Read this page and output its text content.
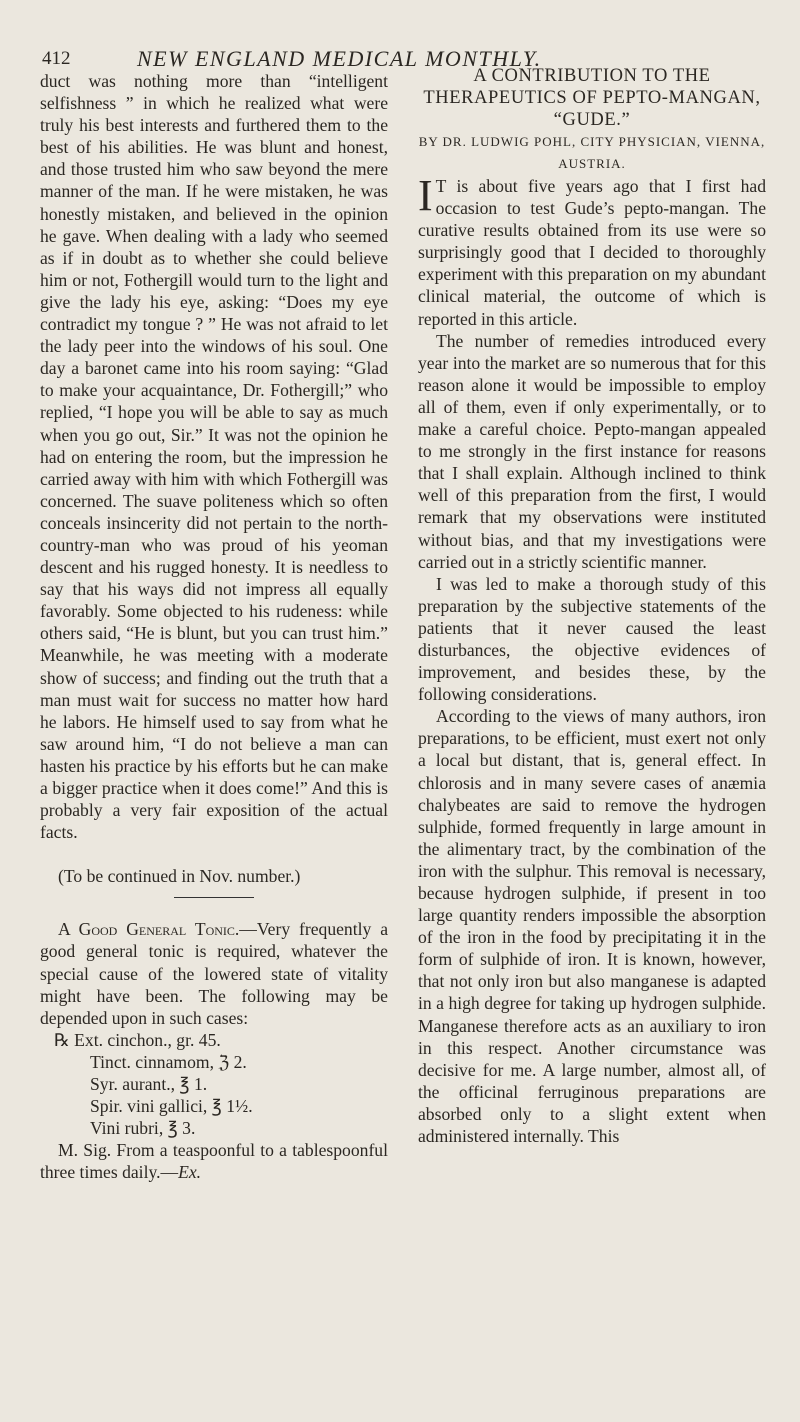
412	NEW ENGLAND MEDICAL MONTHLY.

duct was nothing more than “intelligent selfishness ” in which he realized what were truly his best interests and furthered them to the best of his abilities. He was blunt and honest, and those trusted him who saw beyond the mere manner of the man. If he were mistaken, he was honestly mistaken, and believed in the opinion he gave. When dealing with a lady who seemed as if in doubt as to whether she could believe him or not, Fothergill would turn to the light and give the lady his eye, asking: “Does my eye contradict my tongue ? ” He was not afraid to let the lady peer into the windows of his soul. One day a baronet came into his room saying: “Glad to make your acquaintance, Dr. Fothergill;” who replied, “I hope you will be able to say as much when you go out, Sir.” It was not the opinion he had on entering the room, but the impression he carried away with him with which Fothergill was concerned. The suave politeness which so often conceals insincerity did not pertain to the north-country-man who was proud of his yeoman descent and his rugged honesty. It is needless to say that his ways did not impress all equally favorably. Some objected to his rudeness: while others said, “He is blunt, but you can trust him.” Meanwhile, he was meeting with a moderate show of success; and finding out the truth that a man must wait for success no matter how hard he labors. He himself used to say from what he saw around him, “I do not believe a man can hasten his practice by his efforts but he can make a bigger practice when it does come!” And this is probably a very fair exposition of the actual facts.

(To be continued in Nov. number.)

A Good General Tonic.—Very frequently a good general tonic is required, whatever the special cause of the lowered state of vitality might have been. The following may be depended upon in such cases:

℞ Ext. cinchon., gr. 45.
Tinct. cinnamom, ℨ 2.
Syr. aurant., ℥ 1.
Spir. vini gallici, ℥ 1½.
Vini rubri, ℥ 3.

M. Sig. From a teaspoonful to a tablespoonful three times daily.—Ex.

A CONTRIBUTION TO THE THERAPEUTICS OF PEPTO-MANGAN, “GUDE.”

BY DR. LUDWIG POHL, CITY PHYSICIAN, VIENNA, AUSTRIA.

I T is about five years ago that I first had occasion to test Gude’s pepto-mangan. The curative results obtained from its use were so surprisingly good that I decided to thoroughly experiment with this preparation on my abundant clinical material, the outcome of which is reported in this article.

The number of remedies introduced every year into the market are so numerous that for this reason alone it would be impossible to employ all of them, even if only experimentally, or to make a careful choice. Pepto-mangan appealed to me strongly in the first instance for reasons that I shall explain. Although inclined to think well of this preparation from the first, I would remark that my observations were instituted without bias, and that my investigations were carried out in a strictly scientific manner.

I was led to make a thorough study of this preparation by the subjective statements of the patients that it never caused the least disturbances, the objective evidences of improvement, and besides these, by the following considerations.

According to the views of many authors, iron preparations, to be efficient, must exert not only a local but distant, that is, general effect. In chlorosis and in many severe cases of anæmia chalybeates are said to remove the hydrogen sulphide, formed frequently in large amount in the alimentary tract, by the combination of the iron with the sulphur. This removal is necessary, because hydrogen sulphide, if present in too large quantity renders impossible the absorption of the iron in the food by precipitating it in the form of sulphide of iron. It is known, however, that not only iron but also manganese is adapted in a high degree for taking up hydrogen sulphide. Manganese therefore acts as an auxiliary to iron in this respect. Another circumstance was decisive for me. A large number, almost all, of the officinal ferruginous preparations are absorbed only to a slight extent when administered internally. This
